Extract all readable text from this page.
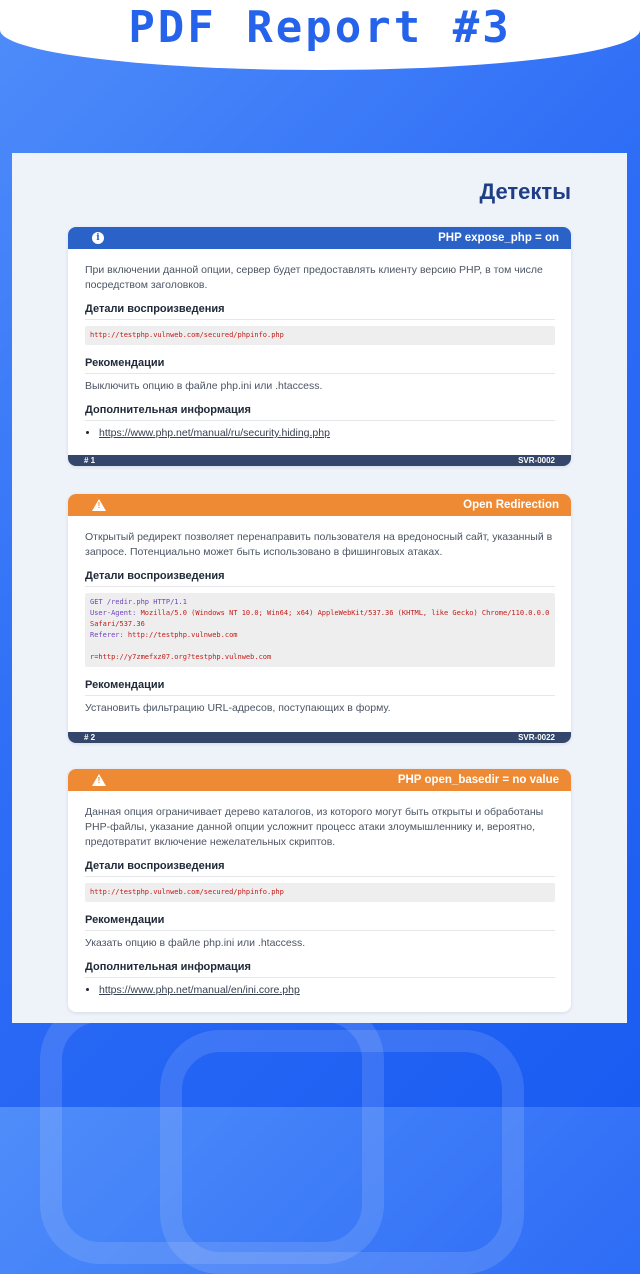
PDF Report #3
Детекты
i	PHP expose_php = on

При включении данной опции, сервер будет предоставлять клиенту версию PHP, в том числе посредством заголовков.

Детали воспроизведения
http://testphp.vulnweb.com/secured/phpinfo.php
Рекомендации

Выключить опцию в файле php.ini или .htaccess.

Дополнительная информация
• https://www.php.net/manual/ru/security.hiding.php
# 1	SVR-0002
!	Open Redirection

Открытый редирект позволяет перенаправить пользователя на вредоносный сайт, указанный в запросе. Потенциально может быть использовано в фишинговых атаках.

Детали воспроизведения
GET /redir.php HTTP/1.1
User-Agent: Mozilla/5.0 (Windows NT 10.0; Win64; x64) AppleWebKit/537.36 (KHTML, like Gecko) Chrome/110.0.0.0 Safari/537.36
Referer: http://testphp.vulnweb.com

r=http://y7zmefxz07.org?testphp.vulnweb.com
Рекомендации

Установить фильтрацию URL-адресов, поступающих в форму.

# 2	SVR-0022
!	PHP open_basedir = no value

Данная опция ограничивает дерево каталогов, из которого могут быть открыты и обработаны PHP-файлы, указание данной опции усложнит процесс атаки злоумышленнику и, вероятно, предотвратит включение нежелательных скриптов.

Детали воспроизведения
http://testphp.vulnweb.com/secured/phpinfo.php
Рекомендации

Указать опцию в файле php.ini или .htaccess.

Дополнительная информация
• https://www.php.net/manual/en/ini.core.php
